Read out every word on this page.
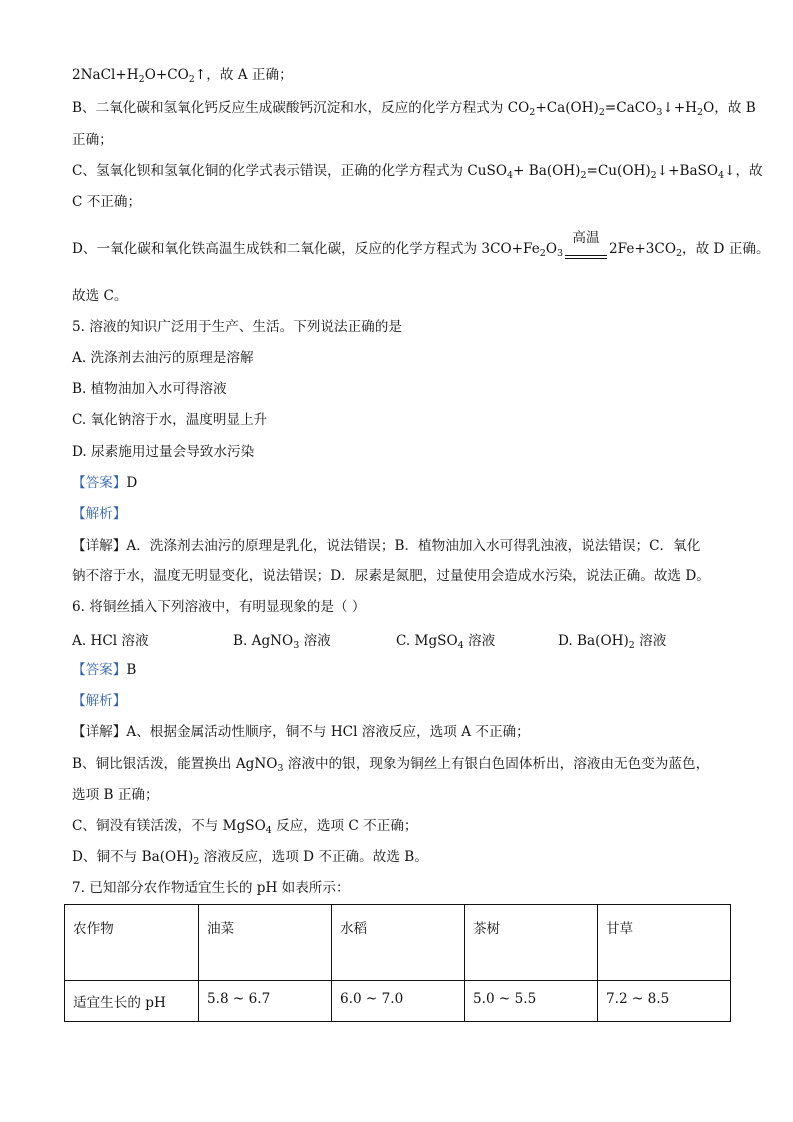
$2NaCl+H_2O+CO_2↑$，故 A 正确；
B、二氧化碳和氢氧化钙反应生成碳酸钙沉淀和水，反应的化学方程式为 $CO_2+Ca(OH)_2=CaCO_3↓+H_2O$，故 B
正确；
C、氢氧化钡和氢氧化铜的化学式表示错误，正确的化学方程式为 CuSO$_4$+ $Ba(OH)_2=Cu(OH)_2↓+BaSO_4↓$，故
C 不正确；
D、一氧化碳和氧化铁高温生成铁和二氧化碳，反应的化学方程式为 $3CO+Fe_2O_3$
高温
$2Fe+3CO_2$，故 D 正确。
故选 C。
5. 溶液的知识广泛用于生产、生活。下列说法正确的是
A. 洗涤剂去油污的原理是溶解
B. 植物油加入水可得溶液
C. 氧化钠溶于水，温度明显上升
D. 尿素施用过量会导致水污染
【答案】D
【解析】
【详解】A．洗涤剂去油污的原理是乳化，说法错误；B．植物油加入水可得乳浊液，说法错误；C．氧化
钠不溶于水，温度无明显变化，说法错误；D．尿素是氮肥，过量使用会造成水污染，说法正确。故选 D。
6. 将铜丝插入下列溶液中，有明显现象的是（ ）
A. HCl 溶液	B. AgNO$_3$ 溶液	C. MgSO$_4$ 溶液	D. $Ba(OH)_2$ 溶液
【答案】B
【解析】
【详解】A、根据金属活动性顺序，铜不与 HCl 溶液反应，选项 A 不正确；
B、铜比银活泼，能置换出 AgNO$_3$ 溶液中的银，现象为铜丝上有银白色固体析出，溶液由无色变为蓝色，
选项 B 正确；
C、铜没有镁活泼，不与 MgSO$_4$ 反应，选项 C 不正确；
D、铜不与 $Ba(OH)_2$ 溶液反应，选项 D 不正确。故选 B。
7. 已知部分农作物适宜生长的 pH 如表所示：
农作物	油菜	水稻	茶树	甘草
适宜生长的 pH	5.8 ~ 6.7	6.0 ~ 7.0	5.0 ~ 5.5	7.2 ~ 8.5
